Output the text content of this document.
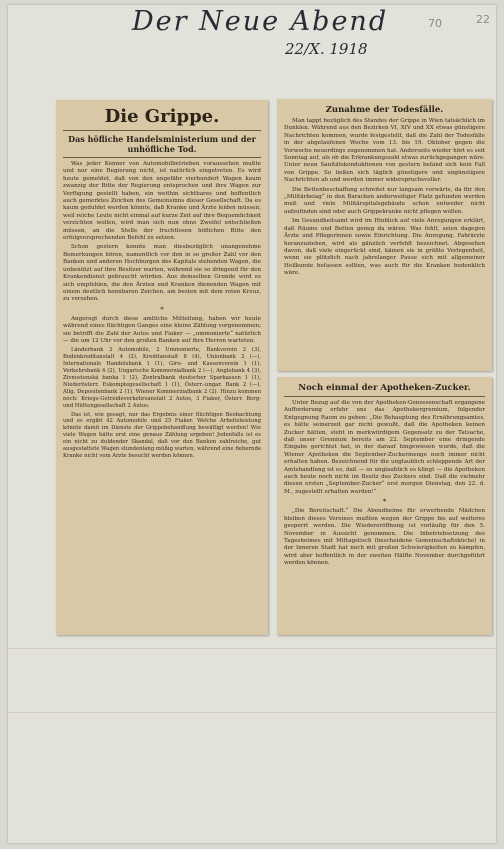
Der Neue Abend
22/X. 1918
70	22
Die Grippe.
Das höfliche Handelsministerium und der unhöfliche Tod.

Was jeder Kenner von Automobilbetrieben voraussehen mußte und nur eine Regierung nicht, ist natürlich eingetreten. Es wird heute gemeldet, daß von den ungefähr vierhundert Wagen kaum zwanzig der Bitte der Regierung entsprochen und ihre Wagen zur Verfügung gestellt haben, ein weithin sichtbares und hoffentlich auch gemerktes Zeichen des Gemeinsinns dieser Gesellschaft. Da es kaum geduldet werden könnte, daß Kranke und Ärzte leiden müssen, weil reiche Leute nicht einmal auf kurze Zeit auf ihre Bequemlichkeit verzichten wollen, wird man sich nun ohne Zweifel entschließen müssen, an die Stelle der fruchtlosen höflichen Bitte den erfolgversprechenden Befehl zu setzen.

Schon gestern konnte man diesbezüglich unangenehme Bemerkungen hören, namentlich vor den in so großer Zahl vor den Banken und anderen Hochburgen des Kapitals stehenden Wagen, die unbenützt auf ihre Besitzer warten, während sie so dringend für den Krankendienst gebraucht würden. Aus demselben Grunde wird es sich empfehlen, die den Ärzten und Kranken dienenden Wagen mit einem deutlich kennbaren Zeichen, am besten mit dem roten Kreuz, zu versehen.

*

Angeregt durch diese amtliche Mitteilung, haben wir heute während eines flüchtigen Ganges eine kleine Zählung vorgenommen; sie betrifft die Zahl der Autos und Fiaker — „ummonierte“ natürlich — die um 12 Uhr vor den großen Banken auf ihre Herren warteten.

Länderbank 3 Automobile, 2 Ummonierte, Bankverein 2 (3), Bodenkreditanstalt 4 (2), Kreditanstalt 8 (4), Unionbank 2 (—), Internationale Handelsbank 1 (1), Giro- und Kassenverein 1 (1), Verkehrsbank 4 (2), Ungarische Kommerzialbank 2 (—), Anglobank 4 (3), Zivnostenská banka 1 (2), Zentralbank deutscher Sparkassen 1 (1), Niederösterr. Eskomptegesellschaft 1 (1), Österr.-ungar. Bank 2 (—), Allg. Depositenbank 2 (1), Wiener Kommerzialbank 2 (2). Hinzu kommen noch: Kriegs-Getreideverkehrsanstalt 2 Autos, 3 Fiaker, Österr. Berg- und Hüttengesellschaft 2 Autos.

Das ist, wie gesagt, nur das Ergebnis einer flüchtigen Beobachtung und es ergibt 42 Automobile und 25 Fiaker. Welche Arbeitsleistung könnte damit im Dienste der Grippebehandlung bewältigt werden! Wie viele Wagen hätte erst eine genaue Zählung ergeben! Jedenfalls ist es ein nicht zu duldender Skandal, daß vor den Banken zahlreiche, gut ausgestattete Wagen stundenlang müßig warten, während eine fiebernde Kranke nicht vom Arzte besucht werden können.

Zunahme der Todesfälle.

Man tappt bezüglich des Standes der Grippe in Wien tatsächlich im Dunklen. Während aus den Bezirken VI, XIV und XX etwas günstigere Nachrichten kommen, wurde festgestellt, daß die Zahl der Todesfälle in der abgelaufenen Woche vom 13. bis 19. Oktober gegen die Vorwoche neuerdings zugenommen hat. Anderseits wieder hört es seit Sonntag auf, als ob die Erkrankungszahl etwas zurückgegangen wäre. Unter neun Sanitätskonduktionen von gestern befand sich kein Fall von Grippe. So ließen sich täglich günstigere und ungünstigere Nachrichten ab und werden immer widerspruchsvoller.

Die Bettenbeschaffung schreitet nur langsam vorwärts, da für den „Militärbelag“ in den Baracken anderweitiger Platz gefunden werden muß und viele Militärspitalsgebäude schon entweder nicht aufzufinden sind oder auch Grippekranke nicht pflegen wollen.

Im Gesundheitsamt wird im Hinblick auf viele Anregungen erklärt, daß Räume und Betten genug da wären. Was fehlt, seien dagegen Ärzte und Pflegerinnen sowie Einrichtung. Die Anregung, Fahrärzte heranzuziehen, wird als gänzlich verfehlt bezeichnet. Abgesehen davon, daß viele eingerückt sind, kämen sie in größte Verlegenheit, wenn sie plötzlich nach jahrelanger Pause sich mit allgemeiner Heilkunde befassen sollten, was auch für die Kranken bedenklich wäre.

Noch einmal der Apotheken-Zucker.

Unter Bezug auf die von der Apotheken-Genossenschaft ergangene Aufforderung erfuhr uns das Apothekergremium, folgender Entgegnung Raum zu geben: „Die Behauptung des Ernährungsamtes, es hätte seinerzeit gar nicht gewußt, daß die Apotheken keinen Zucker hätten, steht in merkwürdigem Gegensatz zu der Tatsache, daß unser Gremium bereits am 22. September eine dringende Eingabe gerichtet hat, in der darauf hingewiesen wurde, daß die Wiener Apotheken die September-Zuckermenge noch immer nicht erhalten haben. Bezeichnend für die unglaublich schleppende Art der Amtshandlung ist es, daß — so unglaublich es klingt — die Apotheken auch heute noch nicht im Besitz des Zuckers sind. Daß die vielmehr diesen ersten „September-Zucker“ erst morgen Dienstag, den 22. d. M., zugestellt erhalten werden!“

*

„Die Bereitschaft.“ Die Abendheime für erwerbende Mädchen bleiben dieses Vereines mußten wegen der Grippe bis auf weiteres gesperrt werden. Die Wiedereröffnung ist vorläufig für den 5. November in Aussicht genommen. Die Inbetriebsetzung des Tagesheimes mit Mittagstisch (bescheidene Gemeinschaftsküche) in der Inneren Stadt hat noch mit großen Schwierigkeiten zu kämpfen, wird aber hoffentlich in der zweiten Hälfte November durchgeführt werden können.
